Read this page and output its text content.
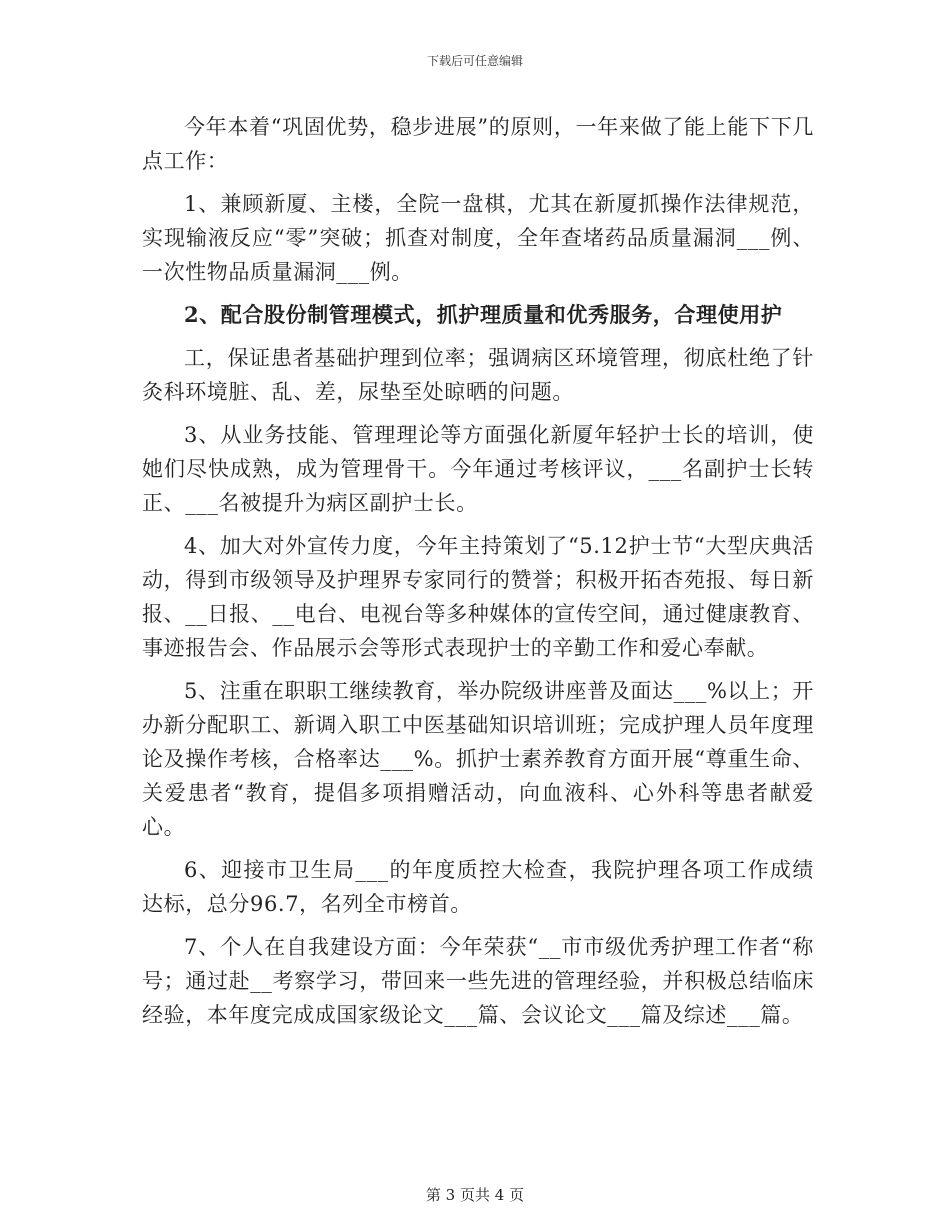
下载后可任意编辑

今年本着“巩固优势，稳步进展”的原则，一年来做了能上能下下几点工作：

1、兼顾新厦、主楼，全院一盘棋，尤其在新厦抓操作法律规范，实现输液反应“零”突破；抓查对制度，全年查堵药品质量漏洞___例、一次性物品质量漏洞___例。

2、配合股份制管理模式，抓护理质量和优秀服务，合理使用护

工，保证患者基础护理到位率；强调病区环境管理，彻底杜绝了针灸科环境脏、乱、差，尿垫至处晾晒的问题。

3、从业务技能、管理理论等方面强化新厦年轻护士长的培训，使她们尽快成熟，成为管理骨干。今年通过考核评议，___名副护士长转正、___名被提升为病区副护士长。

4、加大对外宣传力度，今年主持策划了“5.12护士节“大型庆典活动，得到市级领导及护理界专家同行的赞誉；积极开拓杏苑报、每日新报、__日报、__电台、电视台等多种媒体的宣传空间，通过健康教育、事迹报告会、作品展示会等形式表现护士的辛勤工作和爱心奉献。

5、注重在职职工继续教育，举办院级讲座普及面达___%以上；开办新分配职工、新调入职工中医基础知识培训班；完成护理人员年度理论及操作考核，合格率达___%。抓护士素养教育方面开展“尊重生命、关爱患者“教育，提倡多项捐赠活动，向血液科、心外科等患者献爱心。

6、迎接市卫生局___的年度质控大检查，我院护理各项工作成绩达标，总分96.7，名列全市榜首。

7、个人在自我建设方面：今年荣获“__市市级优秀护理工作者“称号；通过赴__考察学习，带回来一些先进的管理经验，并积极总结临床经验，本年度完成成国家级论文___篇、会议论文___篇及综述___篇。

第 3 页共 4 页
